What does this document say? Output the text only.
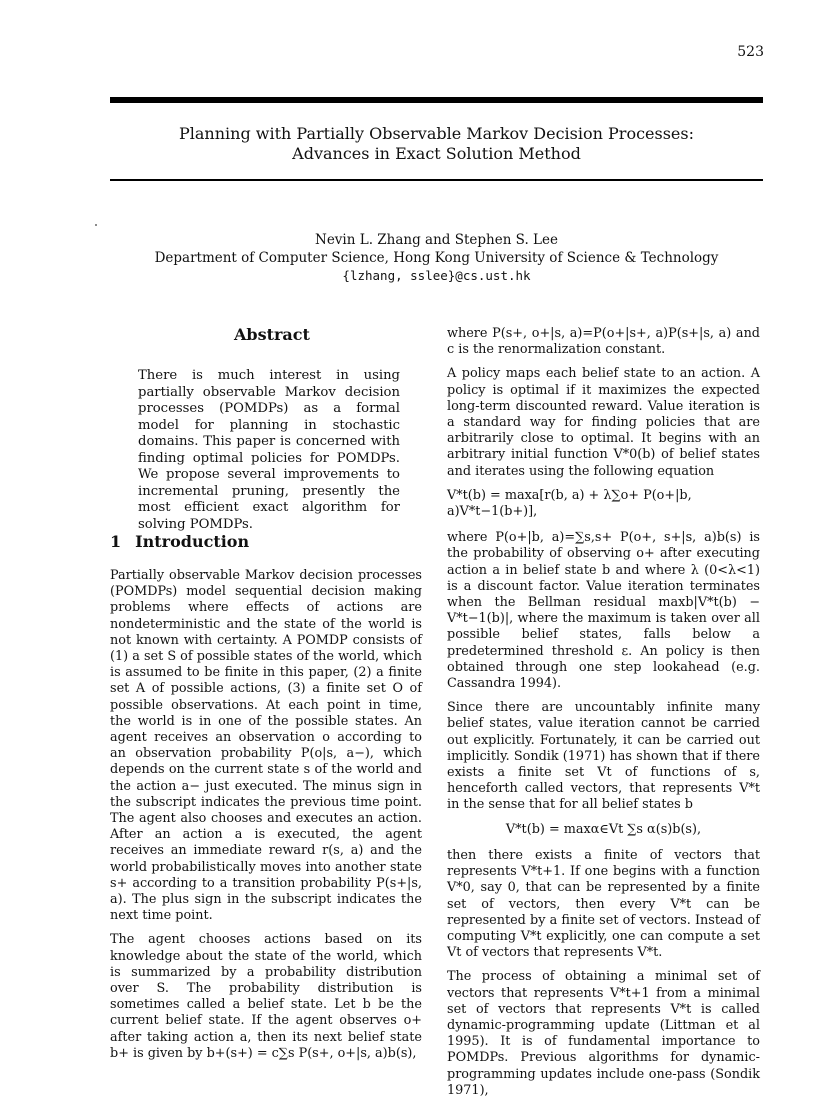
523
Planning with Partially Observable Markov Decision Processes:
Advances in Exact Solution Method
Nevin L. Zhang and Stephen S. Lee
Department of Computer Science, Hong Kong University of Science & Technology
{lzhang, sslee}@cs.ust.hk
Abstract
There is much interest in using partially observable Markov decision processes (POMDPs) as a formal model for planning in stochastic domains. This paper is concerned with finding optimal policies for POMDPs. We propose several improvements to incremental pruning, presently the most efficient exact algorithm for solving POMDPs.
1 Introduction

Partially observable Markov decision processes (POMDPs) model sequential decision making problems where effects of actions are nondeterministic and the state of the world is not known with certainty. A POMDP consists of (1) a set S of possible states of the world, which is assumed to be finite in this paper, (2) a finite set A of possible actions, (3) a finite set O of possible observations. At each point in time, the world is in one of the possible states. An agent receives an observation o according to an observation probability P(o|s, a−), which depends on the current state s of the world and the action a− just executed. The minus sign in the subscript indicates the previous time point. The agent also chooses and executes an action. After an action a is executed, the agent receives an immediate reward r(s, a) and the world probabilistically moves into another state s+ according to a transition probability P(s+|s, a). The plus sign in the subscript indicates the next time point.

The agent chooses actions based on its knowledge about the state of the world, which is summarized by a probability distribution over S. The probability distribution is sometimes called a belief state. Let b be the current belief state. If the agent observes o+ after taking action a, then its next belief state b+ is given by b+(s+) = c∑s P(s+, o+|s, a)b(s),

where P(s+, o+|s, a)=P(o+|s+, a)P(s+|s, a) and c is the renormalization constant.

A policy maps each belief state to an action. A policy is optimal if it maximizes the expected long-term discounted reward. Value iteration is a standard way for finding policies that are arbitrarily close to optimal. It begins with an arbitrary initial function V*0(b) of belief states and iterates using the following equation

V*t(b) = maxa[r(b, a) + λ∑o+ P(o+|b, a)V*t−1(b+)],

where P(o+|b, a)=∑s,s+ P(o+, s+|s, a)b(s) is the probability of observing o+ after executing action a in belief state b and where λ (0<λ<1) is a discount factor. Value iteration terminates when the Bellman residual maxb|V*t(b) − V*t−1(b)|, where the maximum is taken over all possible belief states, falls below a predetermined threshold ε. An policy is then obtained through one step lookahead (e.g. Cassandra 1994).

Since there are uncountably infinite many belief states, value iteration cannot be carried out explicitly. Fortunately, it can be carried out implicitly. Sondik (1971) has shown that if there exists a finite set Vt of functions of s, henceforth called vectors, that represents V*t in the sense that for all belief states b

V*t(b) = maxα∈Vt ∑s α(s)b(s),

then there exists a finite of vectors that represents V*t+1. If one begins with a function V*0, say 0, that can be represented by a finite set of vectors, then every V*t can be represented by a finite set of vectors. Instead of computing V*t explicitly, one can compute a set Vt of vectors that represents V*t.

The process of obtaining a minimal set of vectors that represents V*t+1 from a minimal set of vectors that represents V*t is called dynamic-programming update (Littman et al 1995). It is of fundamental importance to POMDPs. Previous algorithms for dynamic-programming updates include one-pass (Sondik 1971),
